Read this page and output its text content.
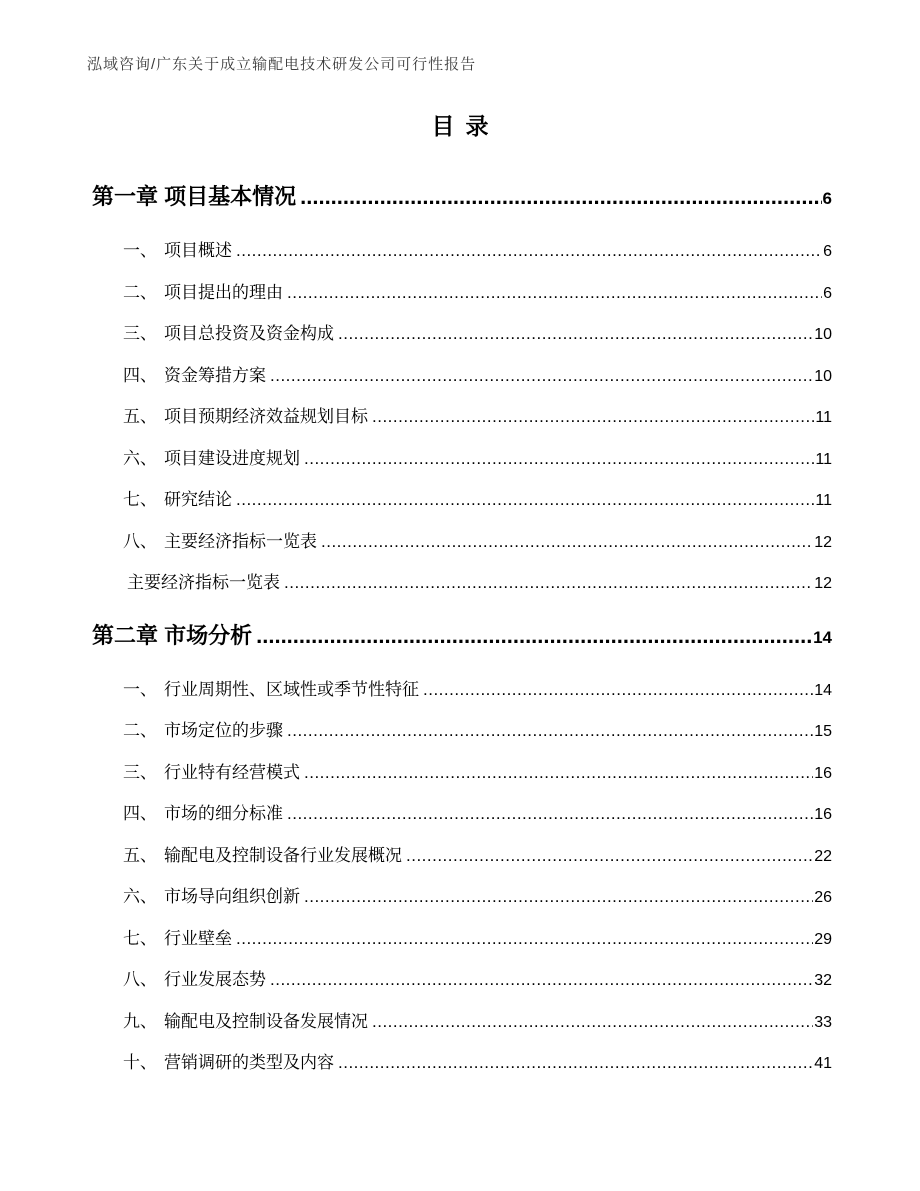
泓域咨询/广东关于成立输配电技术研发公司可行性报告
目录
第一章 项目基本情况 .....	6
一、 项目概述 .....	6
二、 项目提出的理由 .....	6
三、 项目总投资及资金构成 .....	10
四、 资金筹措方案 .....	10
五、 项目预期经济效益规划目标 .....	11
六、 项目建设进度规划 .....	11
七、 研究结论 .....	11
八、 主要经济指标一览表 .....	12
主要经济指标一览表 .....	12
第二章 市场分析 .....	14
一、 行业周期性、区域性或季节性特征 .....	14
二、 市场定位的步骤 .....	15
三、 行业特有经营模式 .....	16
四、 市场的细分标准 .....	16
五、 输配电及控制设备行业发展概况 .....	22
六、 市场导向组织创新 .....	26
七、 行业壁垒 .....	29
八、 行业发展态势 .....	32
九、 输配电及控制设备发展情况 .....	33
十、 营销调研的类型及内容 .....	41
